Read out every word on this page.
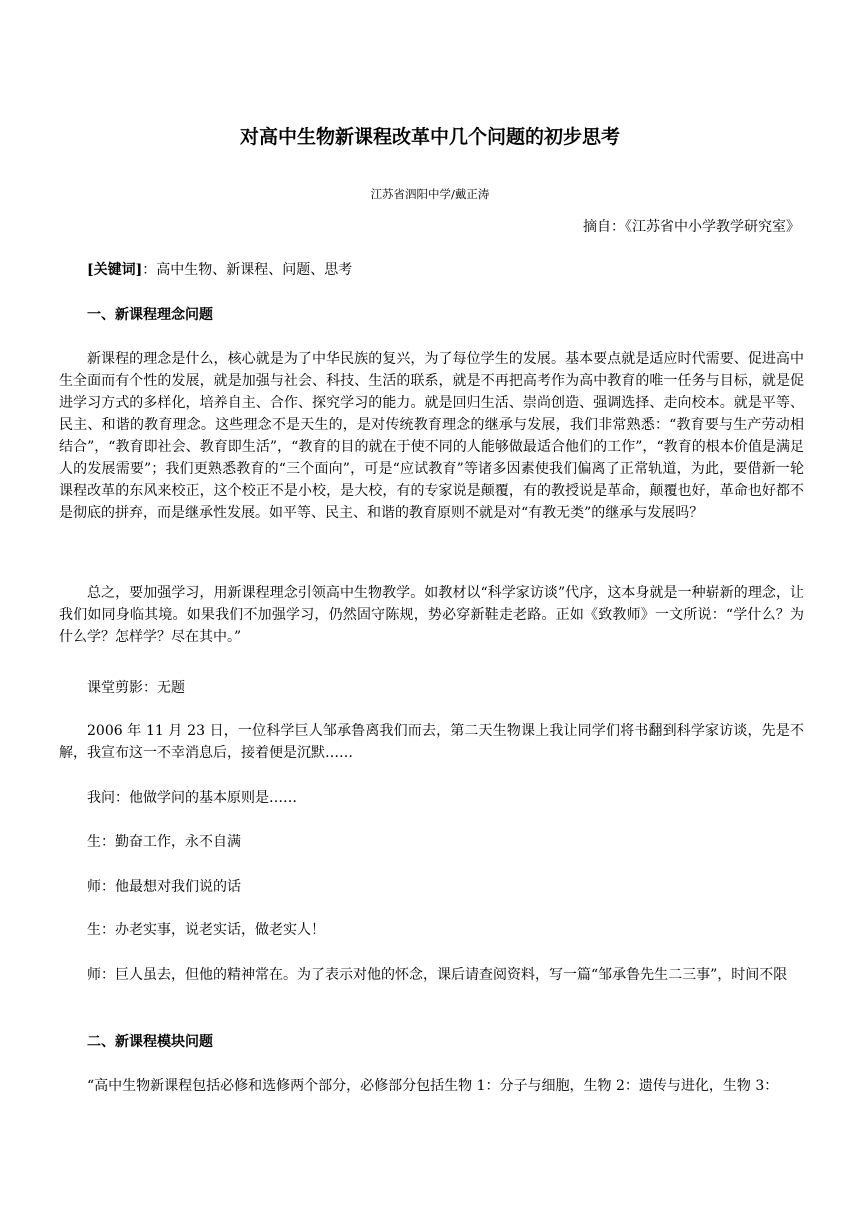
对高中生物新课程改革中几个问题的初步思考
江苏省泗阳中学/戴正涛
摘自：《江苏省中小学教学研究室》

[关键词]：高中生物、新课程、问题、思考

一、新课程理念问题

新课程的理念是什么，核心就是为了中华民族的复兴，为了每位学生的发展。基本要点就是适应时代需要、促进高中生全面而有个性的发展，就是加强与社会、科技、生活的联系，就是不再把高考作为高中教育的唯一任务与目标，就是促进学习方式的多样化，培养自主、合作、探究学习的能力。就是回归生活、崇尚创造、强调选择、走向校本。就是平等、民主、和谐的教育理念。这些理念不是天生的，是对传统教育理念的继承与发展，我们非常熟悉：“教育要与生产劳动相结合”，“教育即社会、教育即生活”，“教育的目的就在于使不同的人能够做最适合他们的工作”，“教育的根本价值是满足人的发展需要”；我们更熟悉教育的“三个面向”，可是“应试教育”等诸多因素使我们偏离了正常轨道，为此，要借新一轮课程改革的东风来校正，这个校正不是小校，是大校，有的专家说是颠覆，有的教授说是革命，颠覆也好，革命也好都不是彻底的拼弃，而是继承性发展。如平等、民主、和谐的教育原则不就是对“有教无类”的继承与发展吗？

总之，要加强学习，用新课程理念引领高中生物教学。如教材以“科学家访谈”代序，这本身就是一种崭新的理念，让我们如同身临其境。如果我们不加强学习，仍然固守陈规，势必穿新鞋走老路。正如《致教师》一文所说：“学什么？为什么学？怎样学？尽在其中。”

课堂剪影：无题

2006 年 11 月 23 日，一位科学巨人邹承鲁离我们而去，第二天生物课上我让同学们将书翻到科学家访谈，先是不解，我宣布这一不幸消息后，接着便是沉默……

我问：他做学问的基本原则是……

生：勤奋工作，永不自满

师：他最想对我们说的话

生：办老实事，说老实话，做老实人！

师：巨人虽去，但他的精神常在。为了表示对他的怀念，课后请查阅资料，写一篇“邹承鲁先生二三事”，时间不限

二、新课程模块问题

“高中生物新课程包括必修和选修两个部分，必修部分包括生物 1：分子与细胞，生物 2：遗传与进化，生物 3：
